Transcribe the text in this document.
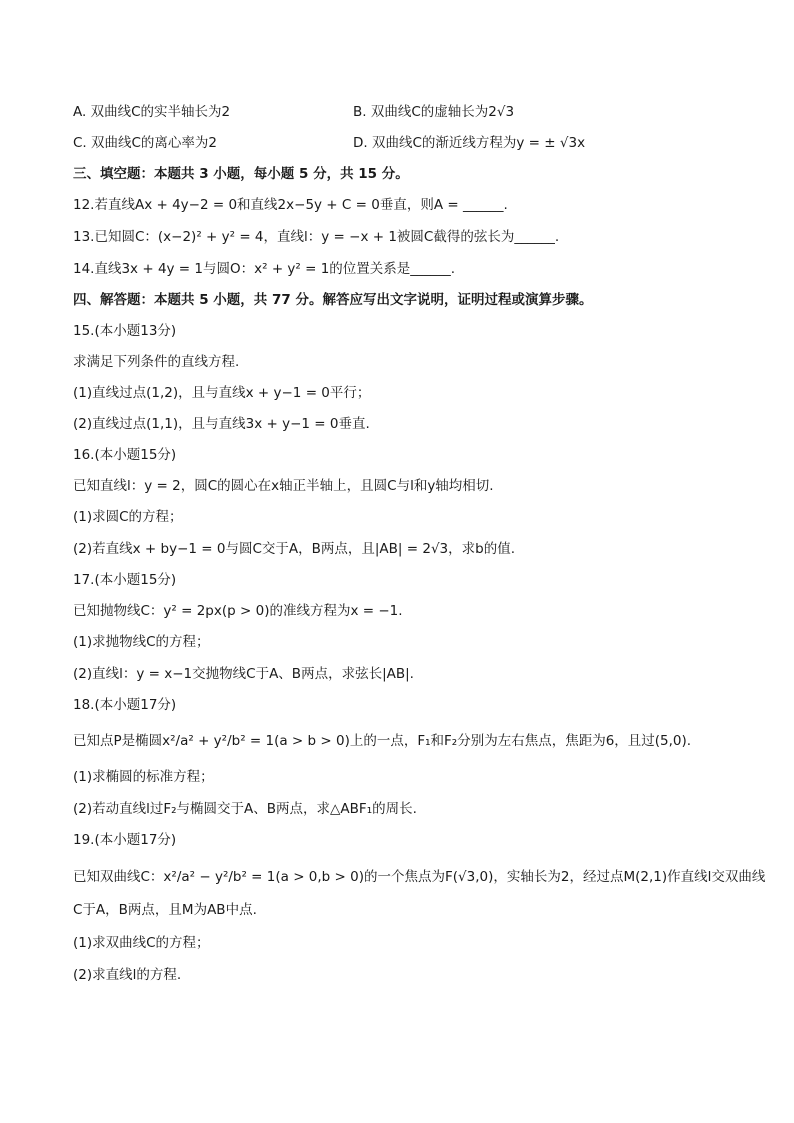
A. 双曲线C的实半轴长为2	B. 双曲线C的虚轴长为2√3
C. 双曲线C的离心率为2	D. 双曲线C的渐近线方程为y = ± √3x
三、填空题：本题共 3 小题，每小题 5 分，共 15 分。
12.若直线Ax + 4y−2 = 0和直线2x−5y + C = 0垂直，则A = ______.
13.已知圆C：(x−2)² + y² = 4，直线l：y = −x + 1被圆C截得的弦长为______.
14.直线3x + 4y = 1与圆O：x² + y² = 1的位置关系是______.
四、解答题：本题共 5 小题，共 77 分。解答应写出文字说明，证明过程或演算步骤。
15.(本小题13分)
求满足下列条件的直线方程.
(1)直线过点(1,2)，且与直线x + y−1 = 0平行；
(2)直线过点(1,1)，且与直线3x + y−1 = 0垂直.
16.(本小题15分)
已知直线l：y = 2，圆C的圆心在x轴正半轴上，且圆C与l和y轴均相切.
(1)求圆C的方程；
(2)若直线x + by−1 = 0与圆C交于A，B两点，且|AB| = 2√3，求b的值.
17.(本小题15分)
已知抛物线C：y² = 2px(p > 0)的准线方程为x = −1.
(1)求抛物线C的方程；
(2)直线l：y = x−1交抛物线C于A、B两点，求弦长|AB|.
18.(本小题17分)
已知点P是椭圆x²/a² + y²/b² = 1(a > b > 0)上的一点，F₁和F₂分别为左右焦点，焦距为6，且过(5,0).
(1)求椭圆的标准方程；
(2)若动直线l过F₂与椭圆交于A、B两点，求△ABF₁的周长.
19.(本小题17分)
已知双曲线C：x²/a² − y²/b² = 1(a > 0,b > 0)的一个焦点为F(√3,0)，实轴长为2，经过点M(2,1)作直线l交双曲线
C于A，B两点，且M为AB中点.
(1)求双曲线C的方程；
(2)求直线l的方程.
